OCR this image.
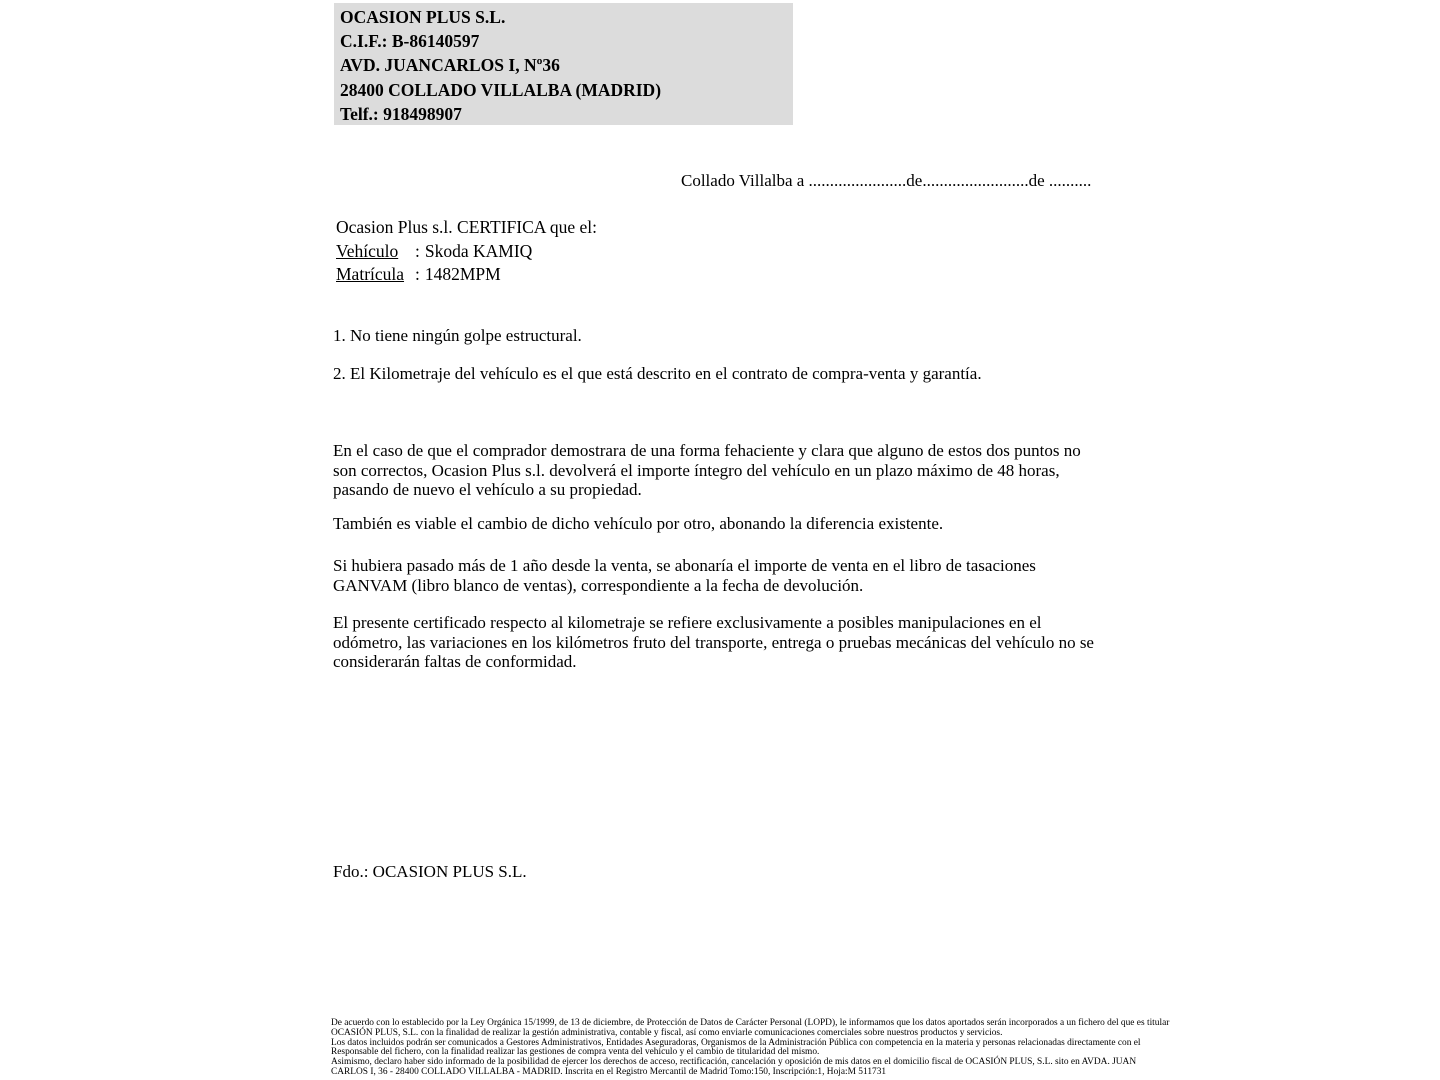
OCASION PLUS S.L.
C.I.F.: B-86140597
AVD. JUANCARLOS I, Nº36
28400 COLLADO VILLALBA (MADRID)
Telf.: 918498907
Collado Villalba a .......................de.........................de ..........
Ocasion Plus s.l. CERTIFICA que el:
Vehículo : Skoda KAMIQ
Matrícula : 1482MPM
1. No tiene ningún golpe estructural.
2. El Kilometraje del vehículo es el que está descrito en el contrato de compra-venta y garantía.
En el caso de que el comprador demostrara de una forma fehaciente y clara que alguno de estos dos puntos no son correctos, Ocasion Plus s.l. devolverá el importe íntegro del vehículo en un plazo máximo de 48 horas, pasando de nuevo el vehículo a su propiedad.
También es viable el cambio de dicho vehículo por otro, abonando la diferencia existente.
Si hubiera pasado más de 1 año desde la venta, se abonaría el importe de venta en el libro de tasaciones GANVAM (libro blanco de ventas), correspondiente a la fecha de devolución.
El presente certificado respecto al kilometraje se refiere exclusivamente a posibles manipulaciones en el odómetro, las variaciones en los kilómetros fruto del transporte, entrega o pruebas mecánicas del vehículo no se considerarán faltas de conformidad.
Fdo.: OCASION PLUS S.L.
De acuerdo con lo establecido por la Ley Orgánica 15/1999, de 13 de diciembre, de Protección de Datos de Carácter Personal (LOPD), le informamos que los datos aportados serán incorporados a un fichero del que es titular
OCASIÓN PLUS, S.L. con la finalidad de realizar la gestión administrativa, contable y fiscal, así como enviarle comunicaciones comerciales sobre nuestros productos y servicios.
Los datos incluidos podrán ser comunicados a Gestores Administrativos, Entidades Aseguradoras, Organismos de la Administración Pública con competencia en la materia y personas relacionadas directamente con el
Responsable del fichero, con la finalidad realizar las gestiones de compra venta del vehículo y el cambio de titularidad del mismo.
Asimismo, declaro haber sido informado de la posibilidad de ejercer los derechos de acceso, rectificación, cancelación y oposición de mis datos en el domicilio fiscal de OCASIÓN PLUS, S.L. sito en AVDA. JUAN
CARLOS I, 36 - 28400 COLLADO VILLALBA - MADRID. Inscrita en el Registro Mercantil de Madrid Tomo:150, Inscripción:1, Hoja:M 511731
